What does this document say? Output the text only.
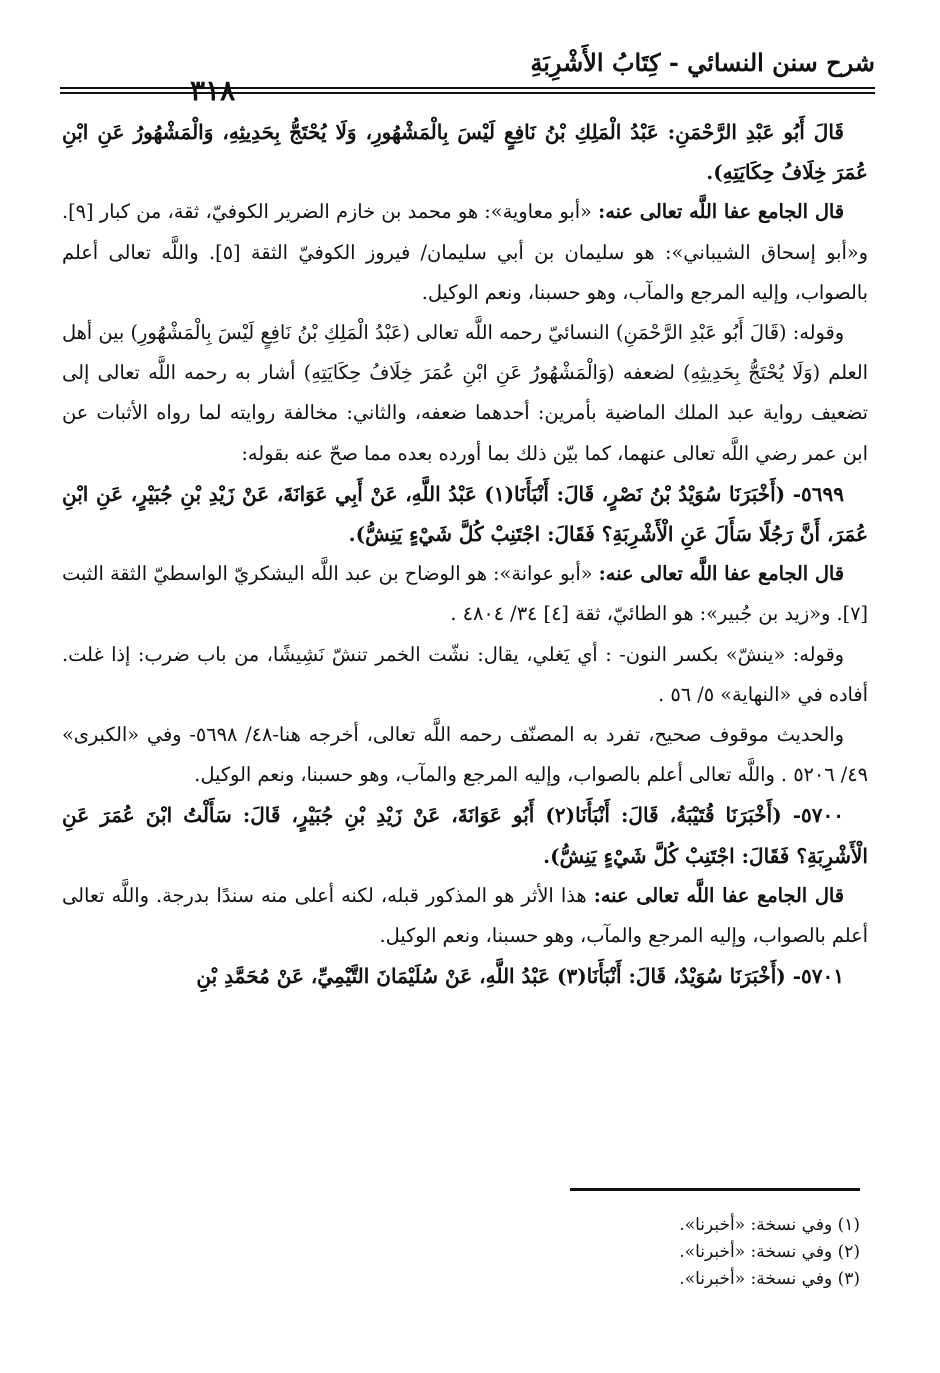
شرح سنن النسائي - كِتَابُ الأَشْرِبَةِ
٣١٨

قَالَ أَبُو عَبْدِ الرَّحْمَنِ: عَبْدُ الْمَلِكِ بْنُ نَافِعٍ لَيْسَ بِالْمَشْهُورِ، وَلَا يُحْتَجُّ بِحَدِيثِهِ، وَالْمَشْهُورُ عَنِ ابْنِ عُمَرَ خِلَافُ حِكَايَتِهِ).

قال الجامع عفا اللَّه تعالى عنه: «أبو معاوية»: هو محمد بن خازم الضرير الكوفيّ، ثقة، من كبار [٩]. و«أبو إسحاق الشيباني»: هو سليمان بن أبي سليمان/ فيروز الكوفيّ الثقة [٥]. واللَّه تعالى أعلم بالصواب، وإليه المرجع والمآب، وهو حسبنا، ونعم الوكيل.

وقوله: (قَالَ أَبُو عَبْدِ الرَّحْمَنِ) النسائيّ رحمه اللَّه تعالى (عَبْدُ الْمَلِكِ بْنُ نَافِعٍ لَيْسَ بِالْمَشْهُورِ) بين أهل العلم (وَلَا يُحْتَجُّ بِحَدِيثِهِ) لضعفه (وَالْمَشْهُورُ عَنِ ابْنِ عُمَرَ خِلَافُ حِكَايَتِهِ) أشار به رحمه اللَّه تعالى إلى تضعيف رواية عبد الملك الماضية بأمرين: أحدهما ضعفه، والثاني: مخالفة روايته لما رواه الأثبات عن ابن عمر رضي اللَّه تعالى عنهما، كما بيّن ذلك بما أورده بعده مما صحّ عنه بقوله:

٥٦٩٩- (أَخْبَرَنَا سُوَيْدُ بْنُ نَصْرٍ، قَالَ: أَنْبَأَنَا(١) عَبْدُ اللَّهِ، عَنْ أَبِي عَوَانَةَ، عَنْ زَيْدِ بْنِ جُبَيْرٍ، عَنِ ابْنِ عُمَرَ، أَنَّ رَجُلًا سَأَلَ عَنِ الْأَشْرِبَةِ؟ فَقَالَ: اجْتَنِبْ كُلَّ شَيْءٍ يَنِشُّ).

قال الجامع عفا اللَّه تعالى عنه: «أبو عوانة»: هو الوضاح بن عبد اللَّه اليشكريّ الواسطيّ الثقة الثبت [٧]. و«زيد بن جُبير»: هو الطائيّ، ثقة [٤] ٣٤/ ٤٨٠٤ .

وقوله: «ينشّ» بكسر النون- : أي يَغلي، يقال: نشّت الخمر تنشّ نَشِيشًا، من باب ضرب: إذا غلت. أفاده في «النهاية» ٥/ ٥٦ .

والحديث موقوف صحيح، تفرد به المصنّف رحمه اللَّه تعالى، أخرجه هنا-٤٨/ ٥٦٩٨- وفي «الكبرى» ٤٩/ ٥٢٠٦ . واللَّه تعالى أعلم بالصواب، وإليه المرجع والمآب، وهو حسبنا، ونعم الوكيل.

٥٧٠٠- (أَخْبَرَنَا قُتَيْبَةُ، قَالَ: أَنْبَأَنَا(٢) أَبُو عَوَانَةَ، عَنْ زَيْدِ بْنِ جُبَيْرٍ، قَالَ: سَأَلْتُ ابْنَ عُمَرَ عَنِ الْأَشْرِبَةِ؟ فَقَالَ: اجْتَنِبْ كُلَّ شَيْءٍ يَنِشُّ).

قال الجامع عفا اللَّه تعالى عنه: هذا الأثر هو المذكور قبله، لكنه أعلى منه سندًا بدرجة. واللَّه تعالى أعلم بالصواب، وإليه المرجع والمآب، وهو حسبنا، ونعم الوكيل.

٥٧٠١- (أَخْبَرَنَا سُوَيْدٌ، قَالَ: أَنْبَأَنَا(٣) عَبْدُ اللَّهِ، عَنْ سُلَيْمَانَ التَّيْمِيِّ، عَنْ مُحَمَّدِ بْنِ

(١) وفي نسخة: «أخبرنا».

(٢) وفي نسخة: «أخبرنا».

(٣) وفي نسخة: «أخبرنا».
